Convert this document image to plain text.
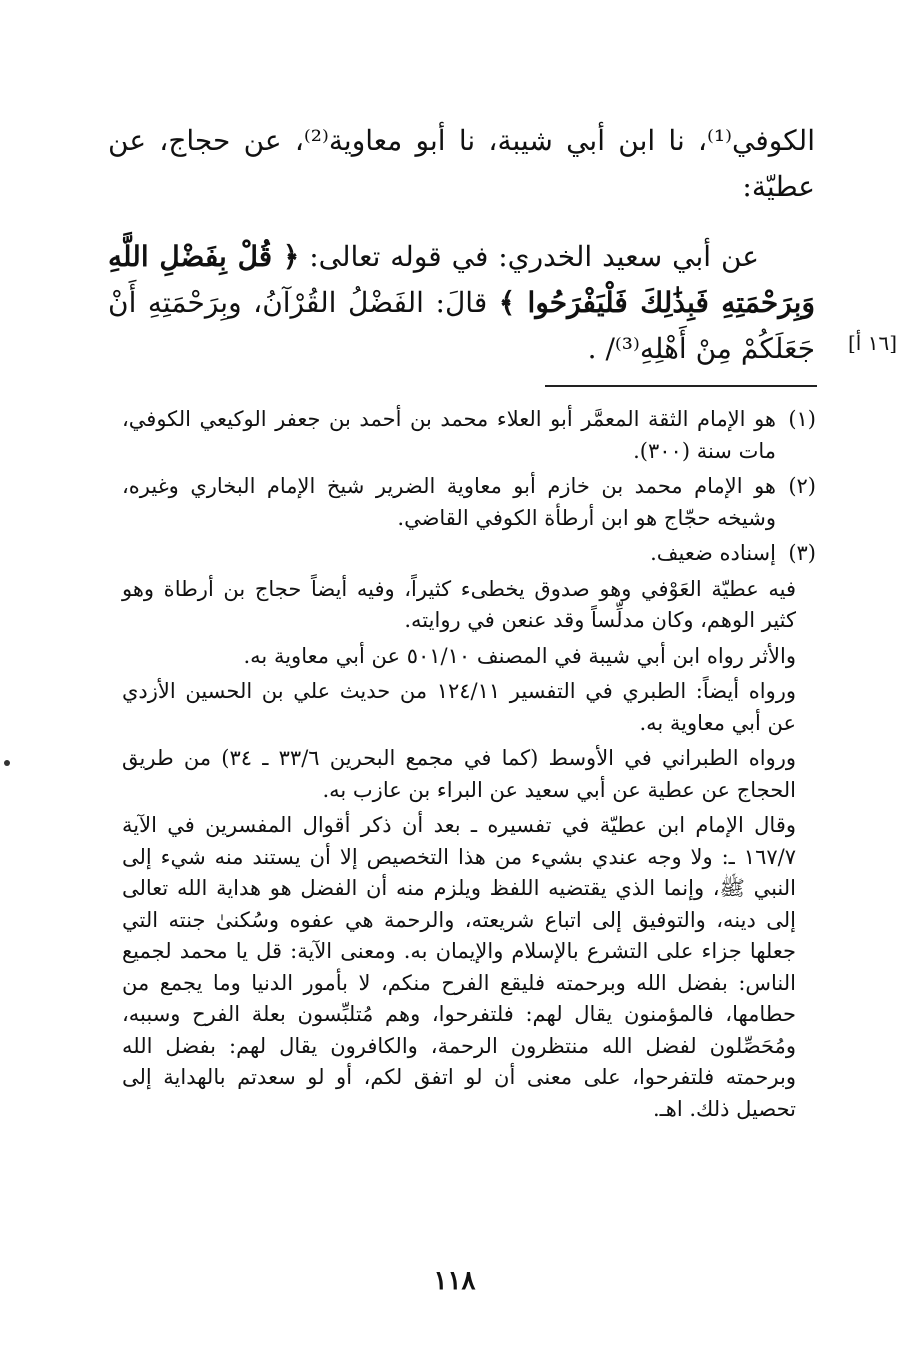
الكوفي⁽¹⁾، نا ابن أبي شيبة، نا أبو معاوية⁽²⁾، عن حجاج، عن عطيّة:

عن أبي سعيد الخدري: في قوله تعالى: ﴿ قُلْ بِفَضْلِ اللَّهِ وَبِرَحْمَتِهِ فَبِذَٰلِكَ فَلْيَفْرَحُوا ﴾ قالَ: الفَضْلُ القُرْآنُ، وبِرَحْمَتِهِ أَنْ جَعَلَكُمْ مِنْ أَهْلِهِ⁽³⁾/ . [١٦ أ]

(١)هو الإمام الثقة المعمَّر أبو العلاء محمد بن أحمد بن جعفر الوكيعي الكوفي، مات سنة (٣٠٠).

(٢)هو الإمام محمد بن خازم أبو معاوية الضرير شيخ الإمام البخاري وغيره، وشيخه حجّاج هو ابن أرطأة الكوفي القاضي.

(٣)إسناده ضعيف.

فيه عطيّة العَوْفي وهو صدوق يخطىء كثيراً، وفيه أيضاً حجاج بن أرطاة وهو كثير الوهم، وكان مدلِّساً وقد عنعن في روايته.

والأثر رواه ابن أبي شيبة في المصنف ٥٠١/١٠ عن أبي معاوية به.

ورواه أيضاً: الطبري في التفسير ١٢٤/١١ من حديث علي بن الحسين الأزدي عن أبي معاوية به.

ورواه الطبراني في الأوسط (كما في مجمع البحرين ٣٣/٦ ـ ٣٤) من طريق الحجاج عن عطية عن أبي سعيد عن البراء بن عازب به.

وقال الإمام ابن عطيّة في تفسيره ـ بعد أن ذكر أقوال المفسرين في الآية ١٦٧/٧ ـ: ولا وجه عندي بشيء من هذا التخصيص إلا أن يستند منه شيء إلى النبي ﷺ، وإنما الذي يقتضيه اللفظ ويلزم منه أن الفضل هو هداية الله تعالى إلى دينه، والتوفيق إلى اتباع شريعته، والرحمة هي عفوه وسُكنىٰ جنته التي جعلها جزاء على التشرع بالإسلام والإيمان به. ومعنى الآية: قل يا محمد لجميع الناس: بفضل الله وبرحمته فليقع الفرح منكم، لا بأمور الدنيا وما يجمع من حطامها، فالمؤمنون يقال لهم: فلتفرحوا، وهم مُتلبِّسون بعلة الفرح وسببه، ومُحَصِّلون لفضل الله منتظرون الرحمة، والكافرون يقال لهم: بفضل الله وبرحمته فلتفرحوا، على معنى أن لو اتفق لكم، أو لو سعدتم بالهداية إلى تحصيل ذلك. اهـ.

١١٨
